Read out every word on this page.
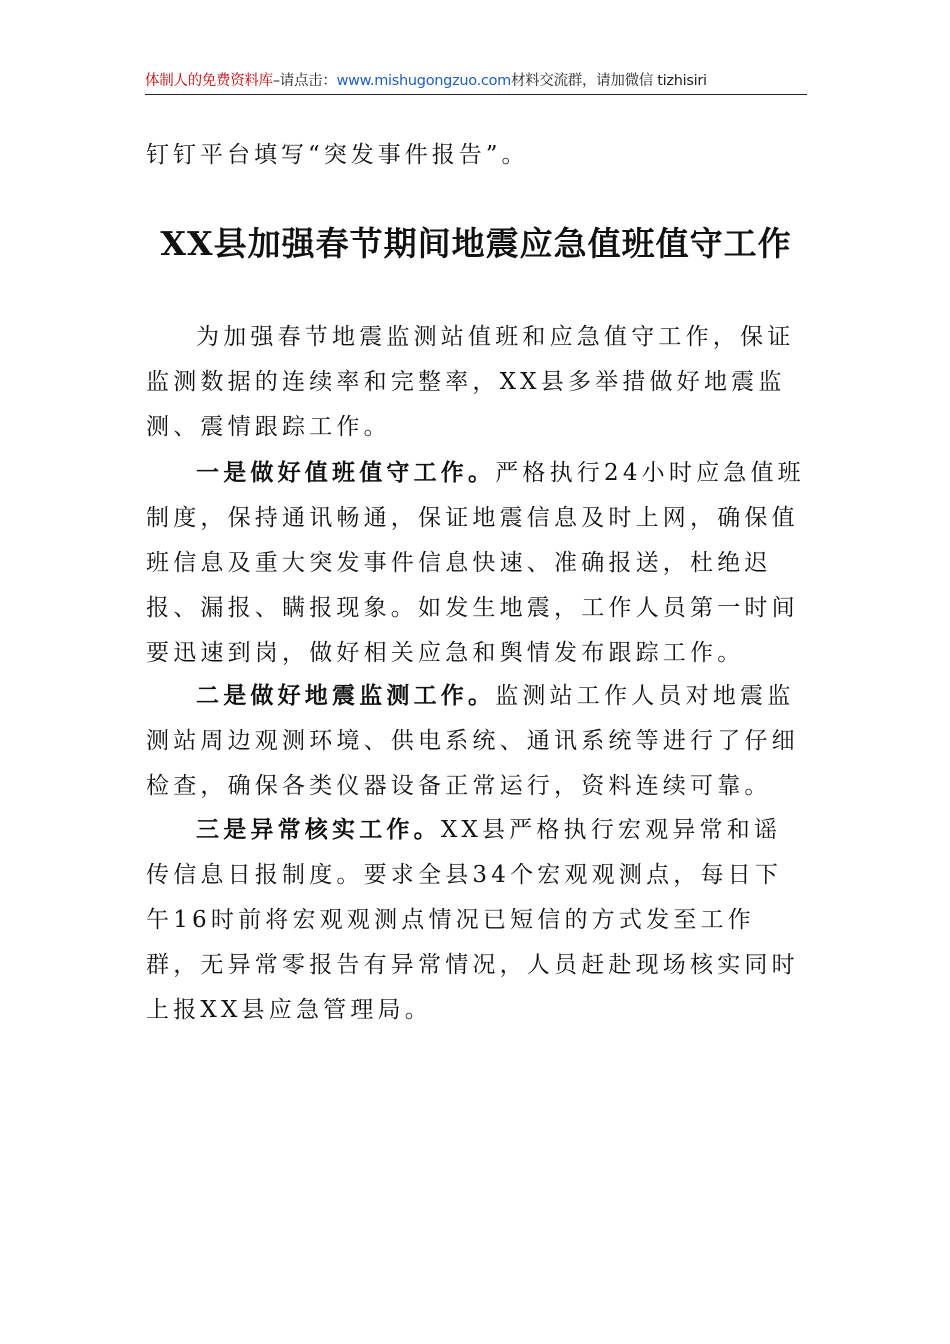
体制人的免费资料库–请点击：www.mishugongzuo.com材料交流群，请加微信 tizhisiri
钉钉平台填写“突发事件报告”。
XX县加强春节期间地震应急值班值守工作
为加强春节地震监测站值班和应急值守工作，保证监测数据的连续率和完整率，XX县多举措做好地震监测、震情跟踪工作。
一是做好值班值守工作。严格执行24小时应急值班制度，保持通讯畅通，保证地震信息及时上网，确保值班信息及重大突发事件信息快速、准确报送，杜绝迟报、漏报、瞒报现象。如发生地震，工作人员第一时间要迅速到岗，做好相关应急和舆情发布跟踪工作。
二是做好地震监测工作。监测站工作人员对地震监测站周边观测环境、供电系统、通讯系统等进行了仔细检查，确保各类仪器设备正常运行，资料连续可靠。
三是异常核实工作。XX县严格执行宏观异常和谣传信息日报制度。要求全县34个宏观观测点，每日下午16时前将宏观观测点情况已短信的方式发至工作群，无异常零报告有异常情况，人员赶赴现场核实同时上报XX县应急管理局。
